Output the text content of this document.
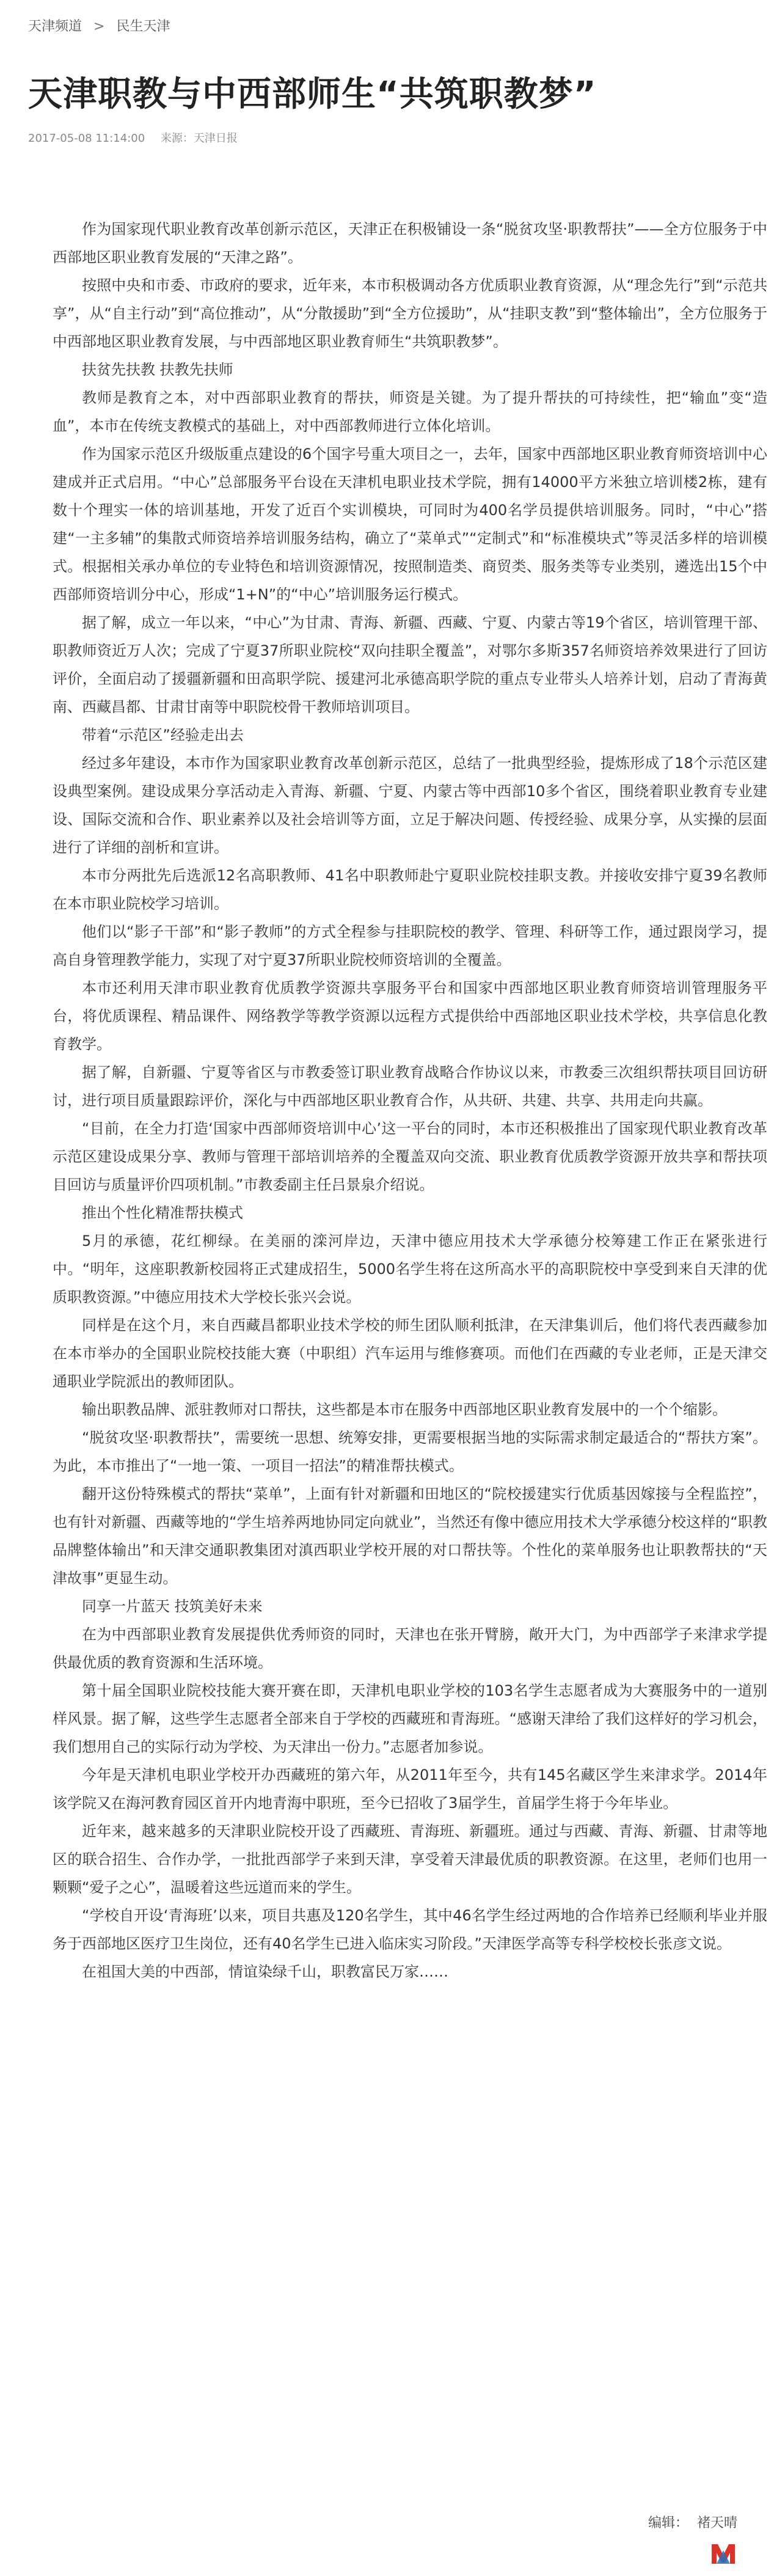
天津频道 > 民生天津
天津职教与中西部师生“共筑职教梦”
2017-05-08 11:14:00 来源：天津日报

作为国家现代职业教育改革创新示范区，天津正在积极铺设一条“脱贫攻坚·职教帮扶”——全方位服务于中西部地区职业教育发展的“天津之路”。

按照中央和市委、市政府的要求，近年来，本市积极调动各方优质职业教育资源，从“理念先行”到“示范共享”，从“自主行动”到“高位推动”，从“分散援助”到“全方位援助”，从“挂职支教”到“整体输出”，全方位服务于中西部地区职业教育发展，与中西部地区职业教育师生“共筑职教梦”。

扶贫先扶教 扶教先扶师

教师是教育之本，对中西部职业教育的帮扶，师资是关键。为了提升帮扶的可持续性，把“输血”变“造血”，本市在传统支教模式的基础上，对中西部教师进行立体化培训。

作为国家示范区升级版重点建设的6个国字号重大项目之一，去年，国家中西部地区职业教育师资培训中心建成并正式启用。“中心”总部服务平台设在天津机电职业技术学院，拥有14000平方米独立培训楼2栋，建有数十个理实一体的培训基地，开发了近百个实训模块，可同时为400名学员提供培训服务。同时，“中心”搭建“一主多辅”的集散式师资培养培训服务结构，确立了“菜单式”“定制式”和“标准模块式”等灵活多样的培训模式。根据相关承办单位的专业特色和培训资源情况，按照制造类、商贸类、服务类等专业类别，遴选出15个中西部师资培训分中心，形成“1+N”的“中心”培训服务运行模式。

据了解，成立一年以来，“中心”为甘肃、青海、新疆、西藏、宁夏、内蒙古等19个省区，培训管理干部、职教师资近万人次；完成了宁夏37所职业院校“双向挂职全覆盖”，对鄂尔多斯357名师资培养效果进行了回访评价，全面启动了援疆新疆和田高职学院、援建河北承德高职学院的重点专业带头人培养计划，启动了青海黄南、西藏昌都、甘肃甘南等中职院校骨干教师培训项目。

带着“示范区”经验走出去

经过多年建设，本市作为国家职业教育改革创新示范区，总结了一批典型经验，提炼形成了18个示范区建设典型案例。建设成果分享活动走入青海、新疆、宁夏、内蒙古等中西部10多个省区，围绕着职业教育专业建设、国际交流和合作、职业素养以及社会培训等方面，立足于解决问题、传授经验、成果分享，从实操的层面进行了详细的剖析和宣讲。

本市分两批先后选派12名高职教师、41名中职教师赴宁夏职业院校挂职支教。并接收安排宁夏39名教师在本市职业院校学习培训。

他们以“影子干部”和“影子教师”的方式全程参与挂职院校的教学、管理、科研等工作，通过跟岗学习，提高自身管理教学能力，实现了对宁夏37所职业院校师资培训的全覆盖。

本市还利用天津市职业教育优质教学资源共享服务平台和国家中西部地区职业教育师资培训管理服务平台，将优质课程、精品课件、网络教学等教学资源以远程方式提供给中西部地区职业技术学校，共享信息化教育教学。

据了解，自新疆、宁夏等省区与市教委签订职业教育战略合作协议以来，市教委三次组织帮扶项目回访研讨，进行项目质量跟踪评价，深化与中西部地区职业教育合作，从共研、共建、共享、共用走向共赢。

“目前，在全力打造‘国家中西部师资培训中心’这一平台的同时，本市还积极推出了国家现代职业教育改革示范区建设成果分享、教师与管理干部培训培养的全覆盖双向交流、职业教育优质教学资源开放共享和帮扶项目回访与质量评价四项机制。”市教委副主任吕景泉介绍说。

推出个性化精准帮扶模式

5月的承德，花红柳绿。在美丽的滦河岸边，天津中德应用技术大学承德分校筹建工作正在紧张进行中。“明年，这座职教新校园将正式建成招生，5000名学生将在这所高水平的高职院校中享受到来自天津的优质职教资源。”中德应用技术大学校长张兴会说。

同样是在这个月，来自西藏昌都职业技术学校的师生团队顺利抵津，在天津集训后，他们将代表西藏参加在本市举办的全国职业院校技能大赛（中职组）汽车运用与维修赛项。而他们在西藏的专业老师，正是天津交通职业学院派出的教师团队。

输出职教品牌、派驻教师对口帮扶，这些都是本市在服务中西部地区职业教育发展中的一个个缩影。

“脱贫攻坚·职教帮扶”，需要统一思想、统筹安排，更需要根据当地的实际需求制定最适合的“帮扶方案”。为此，本市推出了“一地一策、一项目一招法”的精准帮扶模式。

翻开这份特殊模式的帮扶“菜单”，上面有针对新疆和田地区的“院校援建实行优质基因嫁接与全程监控”，也有针对新疆、西藏等地的“学生培养两地协同定向就业”，当然还有像中德应用技术大学承德分校这样的“职教品牌整体输出”和天津交通职教集团对滇西职业学校开展的对口帮扶等。个性化的菜单服务也让职教帮扶的“天津故事”更显生动。

同享一片蓝天 技筑美好未来

在为中西部职业教育发展提供优秀师资的同时，天津也在张开臂膀，敞开大门，为中西部学子来津求学提供最优质的教育资源和生活环境。

第十届全国职业院校技能大赛开赛在即，天津机电职业学校的103名学生志愿者成为大赛服务中的一道别样风景。据了解，这些学生志愿者全部来自于学校的西藏班和青海班。“感谢天津给了我们这样好的学习机会，我们想用自己的实际行动为学校、为天津出一份力。”志愿者加参说。

今年是天津机电职业学校开办西藏班的第六年，从2011年至今，共有145名藏区学生来津求学。2014年该学院又在海河教育园区首开内地青海中职班，至今已招收了3届学生，首届学生将于今年毕业。

近年来，越来越多的天津职业院校开设了西藏班、青海班、新疆班。通过与西藏、青海、新疆、甘肃等地区的联合招生、合作办学，一批批西部学子来到天津，享受着天津最优质的职教资源。在这里，老师们也用一颗颗“爱子之心”，温暖着这些远道而来的学生。

“学校自开设‘青海班’以来，项目共惠及120名学生，其中46名学生经过两地的合作培养已经顺利毕业并服务于西部地区医疗卫生岗位，还有40名学生已进入临床实习阶段。”天津医学高等专科学校校长张彦文说。

在祖国大美的中西部，情谊染绿千山，职教富民万家……

编辑： 褚天晴
